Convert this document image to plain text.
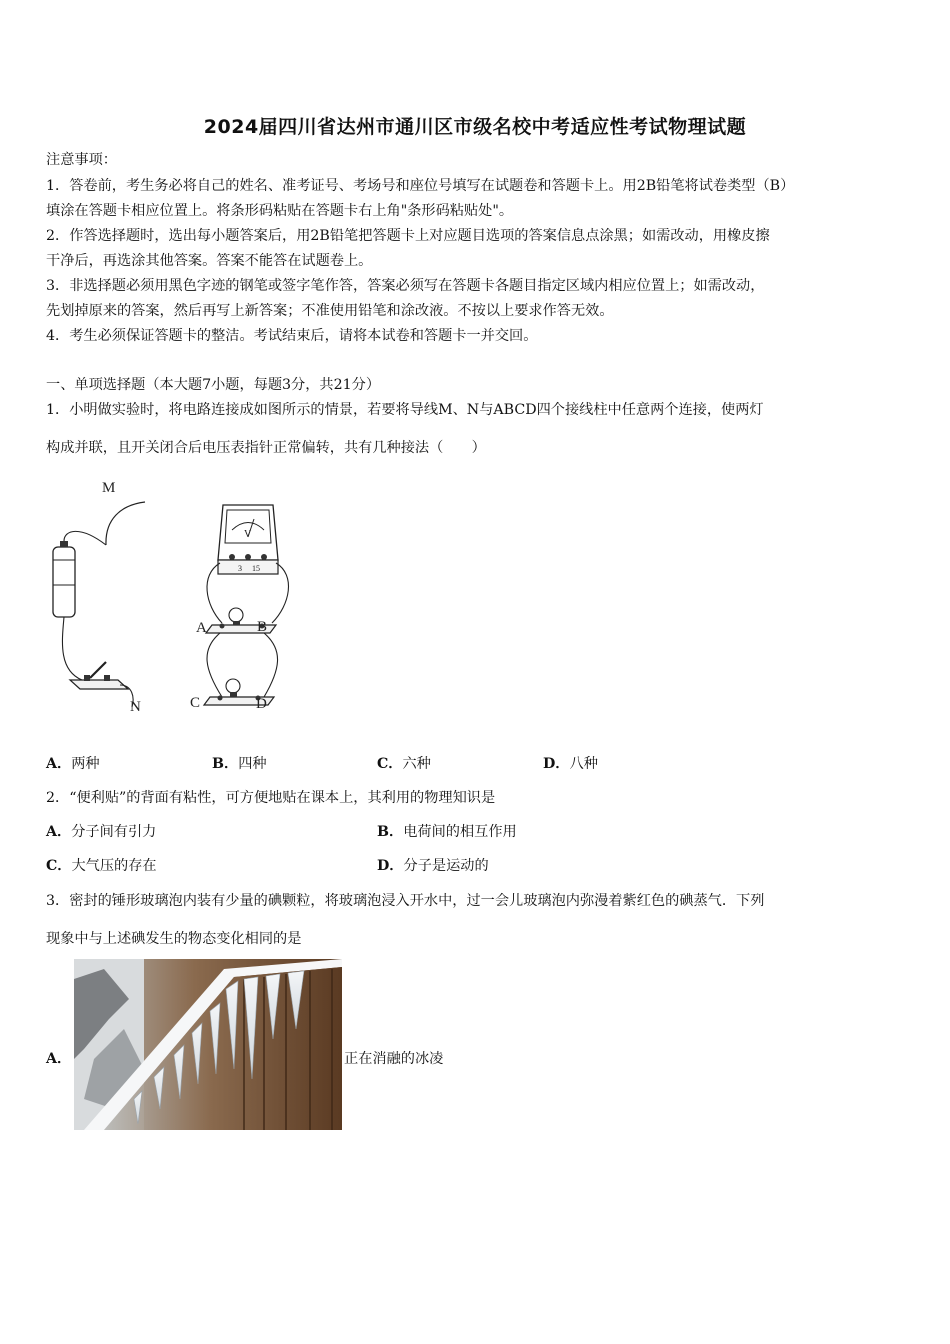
2024届四川省达州市通川区市级名校中考适应性考试物理试题
注意事项：
1．答卷前，考生务必将自己的姓名、准考证号、考场号和座位号填写在试题卷和答题卡上。用2B铅笔将试卷类型（B）
填涂在答题卡相应位置上。将条形码粘贴在答题卡右上角"条形码粘贴处"。
2．作答选择题时，选出每小题答案后，用2B铅笔把答题卡上对应题目选项的答案信息点涂黑；如需改动，用橡皮擦
干净后，再选涂其他答案。答案不能答在试题卷上。
3．非选择题必须用黑色字迹的钢笔或签字笔作答，答案必须写在答题卡各题目指定区域内相应位置上；如需改动，
先划掉原来的答案，然后再写上新答案；不准使用铅笔和涂改液。不按以上要求作答无效。
4．考生必须保证答题卡的整洁。考试结束后，请将本试卷和答题卡一并交回。
一、单项选择题（本大题7小题，每题3分，共21分）
1．小明做实验时，将电路连接成如图所示的情景，若要将导线M、N与ABCD四个接线柱中任意两个连接，使两灯
构成并联，且开关闭合后电压表指针正常偏转，共有几种接法（　　）
M
N
V
3 15
A	B
C	D
A．两种	B．四种	C．六种	D．八种
2．“便利贴”的背面有粘性，可方便地贴在课本上，其利用的物理知识是
A．分子间有引力	B．电荷间的相互作用
C．大气压的存在	D．分子是运动的
3．密封的锤形玻璃泡内装有少量的碘颗粒，将玻璃泡浸入开水中，过一会儿玻璃泡内弥漫着紫红色的碘蒸气．下列
现象中与上述碘发生的物态变化相同的是
A．	正在消融的冰凌
